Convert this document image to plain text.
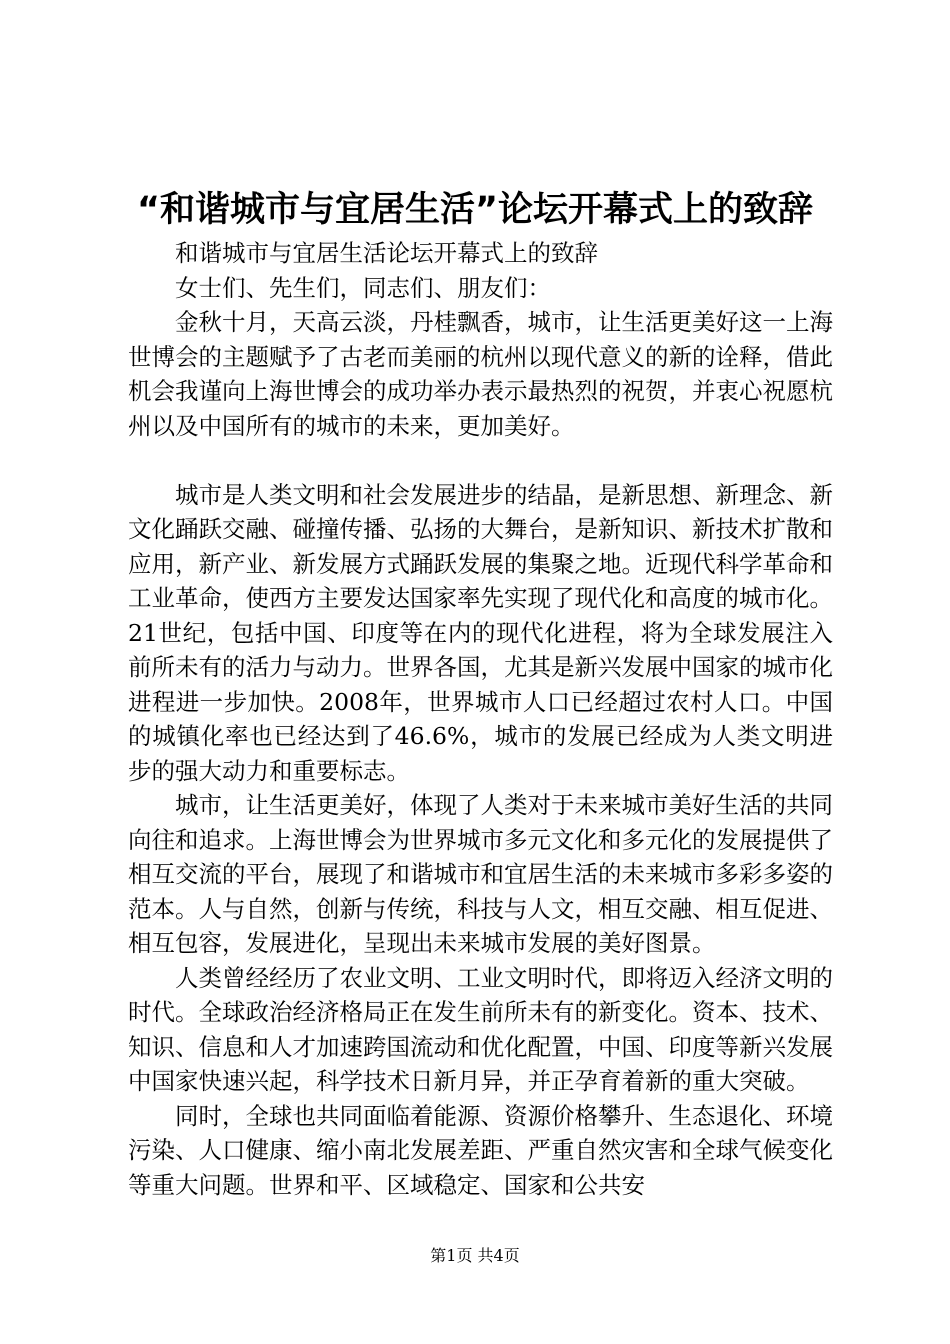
“和谐城市与宜居生活”论坛开幕式上的致辞

和谐城市与宜居生活论坛开幕式上的致辞

女士们、先生们，同志们、朋友们：

金秋十月，天高云淡，丹桂飘香，城市，让生活更美好这一上海世博会的主题赋予了古老而美丽的杭州以现代意义的新的诠释，借此机会我谨向上海世博会的成功举办表示最热烈的祝贺，并衷心祝愿杭州以及中国所有的城市的未来，更加美好。

城市是人类文明和社会发展进步的结晶，是新思想、新理念、新文化踊跃交融、碰撞传播、弘扬的大舞台，是新知识、新技术扩散和应用，新产业、新发展方式踊跃发展的集聚之地。近现代科学革命和工业革命，使西方主要发达国家率先实现了现代化和高度的城市化。21世纪，包括中国、印度等在内的现代化进程，将为全球发展注入前所未有的活力与动力。世界各国，尤其是新兴发展中国家的城市化进程进一步加快。2008年，世界城市人口已经超过农村人口。中国的城镇化率也已经达到了46.6%，城市的发展已经成为人类文明进步的强大动力和重要标志。

城市，让生活更美好，体现了人类对于未来城市美好生活的共同向往和追求。上海世博会为世界城市多元文化和多元化的发展提供了相互交流的平台，展现了和谐城市和宜居生活的未来城市多彩多姿的范本。人与自然，创新与传统，科技与人文，相互交融、相互促进、相互包容，发展进化，呈现出未来城市发展的美好图景。

人类曾经经历了农业文明、工业文明时代，即将迈入经济文明的时代。全球政治经济格局正在发生前所未有的新变化。资本、技术、知识、信息和人才加速跨国流动和优化配置，中国、印度等新兴发展中国家快速兴起，科学技术日新月异，并正孕育着新的重大突破。

同时，全球也共同面临着能源、资源价格攀升、生态退化、环境污染、人口健康、缩小南北发展差距、严重自然灾害和全球气候变化等重大问题。世界和平、区域稳定、国家和公共安

第1页 共4页
